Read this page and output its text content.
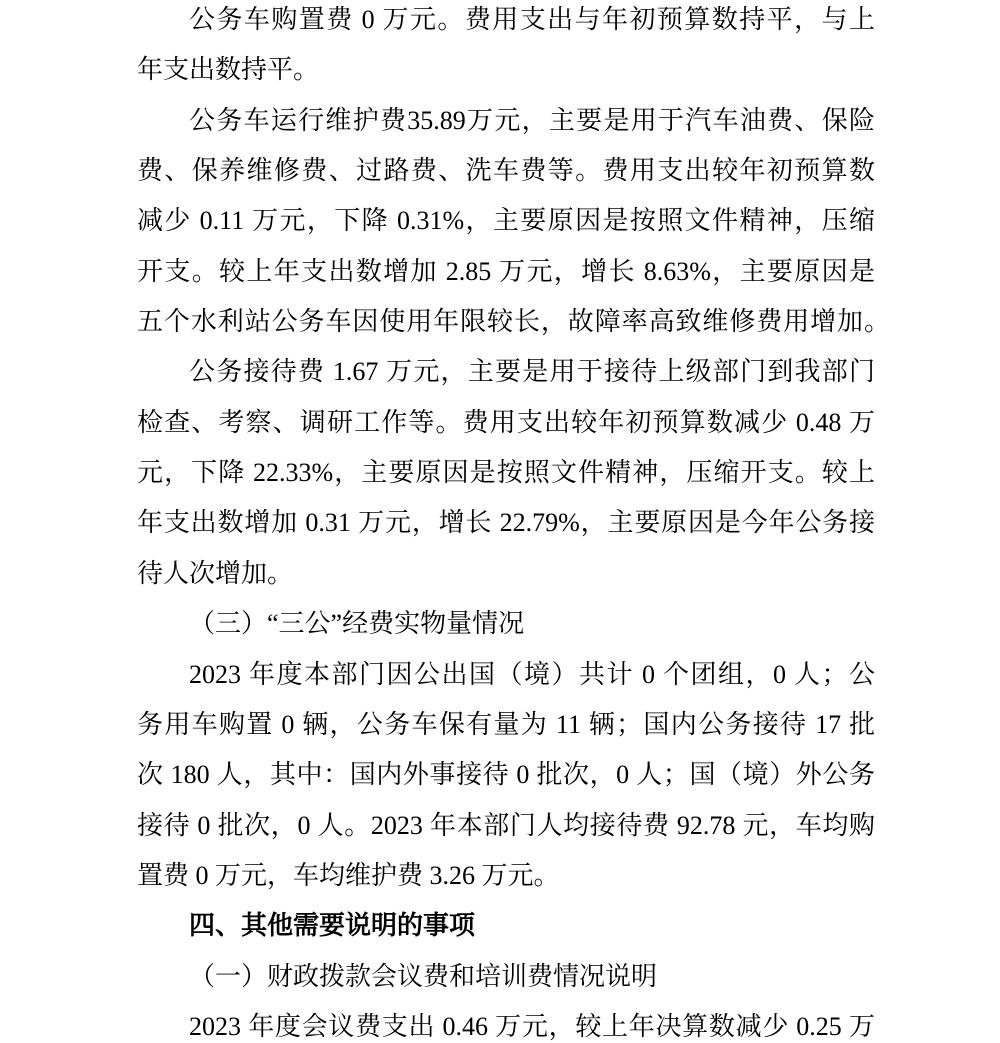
公务车购置费 0 万元。费用支出与年初预算数持平，与上
年支出数持平。
公务车运行维护费35.89万元，主要是用于汽车油费、保险
费、保养维修费、过路费、洗车费等。费用支出较年初预算数
减少 0.11 万元，下降 0.31%，主要原因是按照文件精神，压缩
开支。较上年支出数增加 2.85 万元，增长 8.63%，主要原因是
五个水利站公务车因使用年限较长，故障率高致维修费用增加。
公务接待费 1.67 万元，主要是用于接待上级部门到我部门
检查、考察、调研工作等。费用支出较年初预算数减少 0.48 万
元，下降 22.33%，主要原因是按照文件精神，压缩开支。较上
年支出数增加 0.31 万元，增长 22.79%，主要原因是今年公务接
待人次增加。
（三）“三公”经费实物量情况
2023 年度本部门因公出国（境）共计 0 个团组，0 人；公
务用车购置 0 辆，公务车保有量为 11 辆；国内公务接待 17 批
次 180 人，其中：国内外事接待 0 批次，0 人；国（境）外公务
接待 0 批次，0 人。2023 年本部门人均接待费 92.78 元，车均购
置费 0 万元，车均维护费 3.26 万元。
四、其他需要说明的事项
（一）财政拨款会议费和培训费情况说明
2023 年度会议费支出 0.46 万元，较上年决算数减少 0.25 万
